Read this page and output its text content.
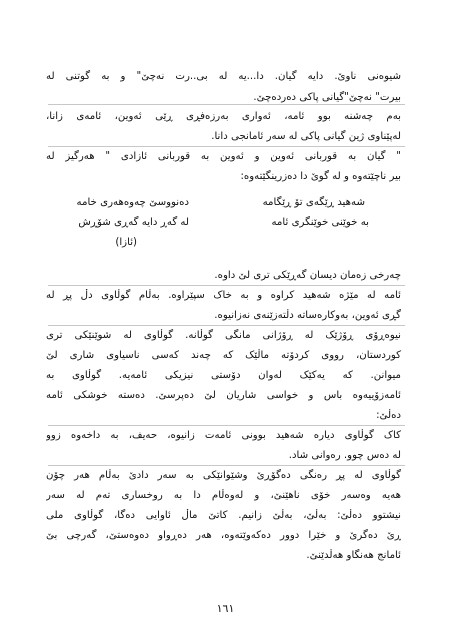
شیوەنی ناوێ. دایە گیان. دا...یە لە بی..رت نەچێ" و بە گوتنی لە
بیرت" نەچێ"گیانی پاکی دەردەچێ.
بەم چەشنە بوو ئامە، ئەواری بەرزەفڕی ڕێی ئەوین، ئامەی زانا،
لەپێناوی ژین گیانی پاکی لە سەر ئامانجی دانا.
" گیان بە قوربانی ئەوین و ئەوین بە قوربانی ئازادی " هەرگیز لە
بیر ناچێتەوە و لە گوێ دا دەزرینگێتەوە:
دەنووسێ چەوەهەری خامە	شەهید ڕێگەی تۆ ڕێگامە
لە گەڕ دایە گەڕی شۆڕش	بە خوێنی خوێنگری ئامە
(ئازا)
چەرخی زەمان دیسان گەڕێکی تری لێ داوە.
ئامە لە مێژە شەهید کراوە و بە خاک سپێراوە. بەڵام گوڵاوی دڵ پڕ لە
گڕی ئەوین، بەوکارەساتە دڵتەزێنەی نەزانیوە.
نیوەڕۆی ڕۆژێک لە ڕۆژانی مانگی گوڵانە. گوڵاوی لە شوێنێکی تری
کوردستان، رووی کردۆتە ماڵێک کە چەند کەسی ناسیاوی شاری لێ
میوانن. کە یەکێک لەوان دۆستی نیزیکی ئامەیە. گوڵاوی بە
ئامەزۆییەوە باس و خواسی شاریان لێ دەپرسێ. دەستە خوشکی ئامە
دەڵێ:
کاک گوڵاوی دیارە شەهید بوونی ئامەت زانیوە، حەیف، بە داخەوە زوو
لە دەس چوو. رەوانی شاد.
گوڵاوی لە پڕ رەنگی دەگۆڕێ وشێوانێکی بە سەر دادێ بەڵام هەر چۆن
هەیە وەسەر خۆی ناهێنێ، و لەوەڵام دا بە روخساری تەم لە سەر
نیشتوو دەڵێ: بەڵێ، بەڵێ زانیم. کاتێ ماڵ ئاوایی دەگا، گوڵاوی ملی
ڕێ دەگرێ و خێرا دوور دەکەوێتەوە، هەر دەڕواو دەوەستێ، گەرچی بێ
ئامانج هەنگاو هەڵدێنێ.
١٦١
